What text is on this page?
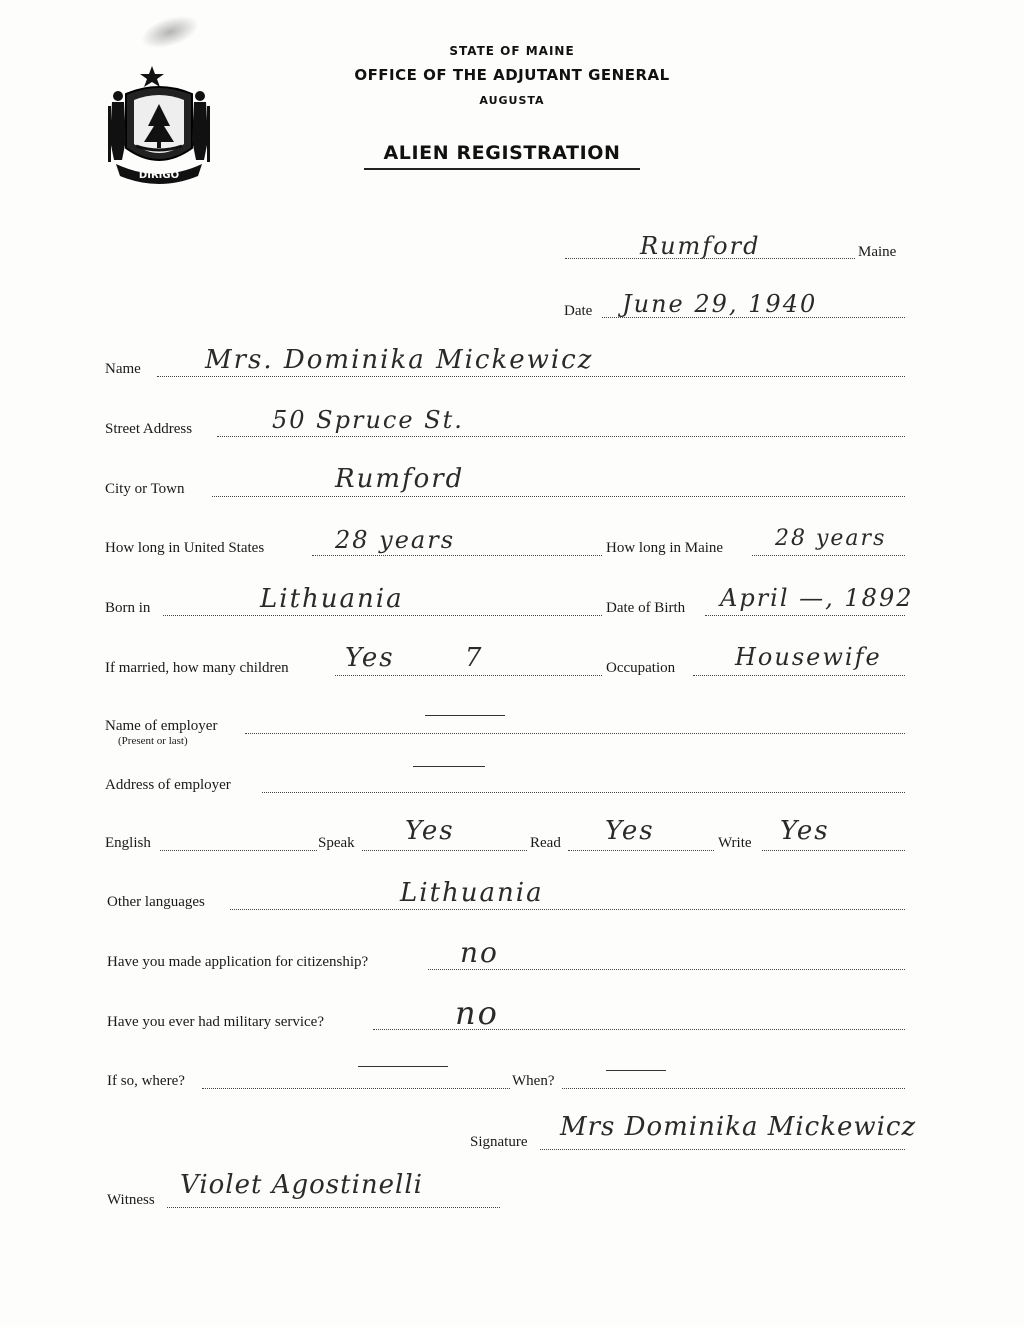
DIRIGO
STATE OF MAINE
OFFICE OF THE ADJUTANT GENERAL
AUGUSTA
ALIEN REGISTRATION
Rumford	Maine
Date June 29, 1940
Name Mrs. Dominika Mickewicz
Street Address	50 Spruce St.
City or Town	Rumford
How long in United States	28 years	How long in Maine 28 years
Born in	Lithuania	Date of Birth April —, 1892
If married, how many children Yes 7	Occupation Housewife
Name of employer
(Present or last)
Address of employer
English	Speak Yes	Read Yes	Write Yes
Other languages	Lithuania
Have you made application for citizenship?	no
Have you ever had military service?	no
If so, where?	When?
Signature Mrs Dominika Mickewicz
Witness Violet Agostinelli
